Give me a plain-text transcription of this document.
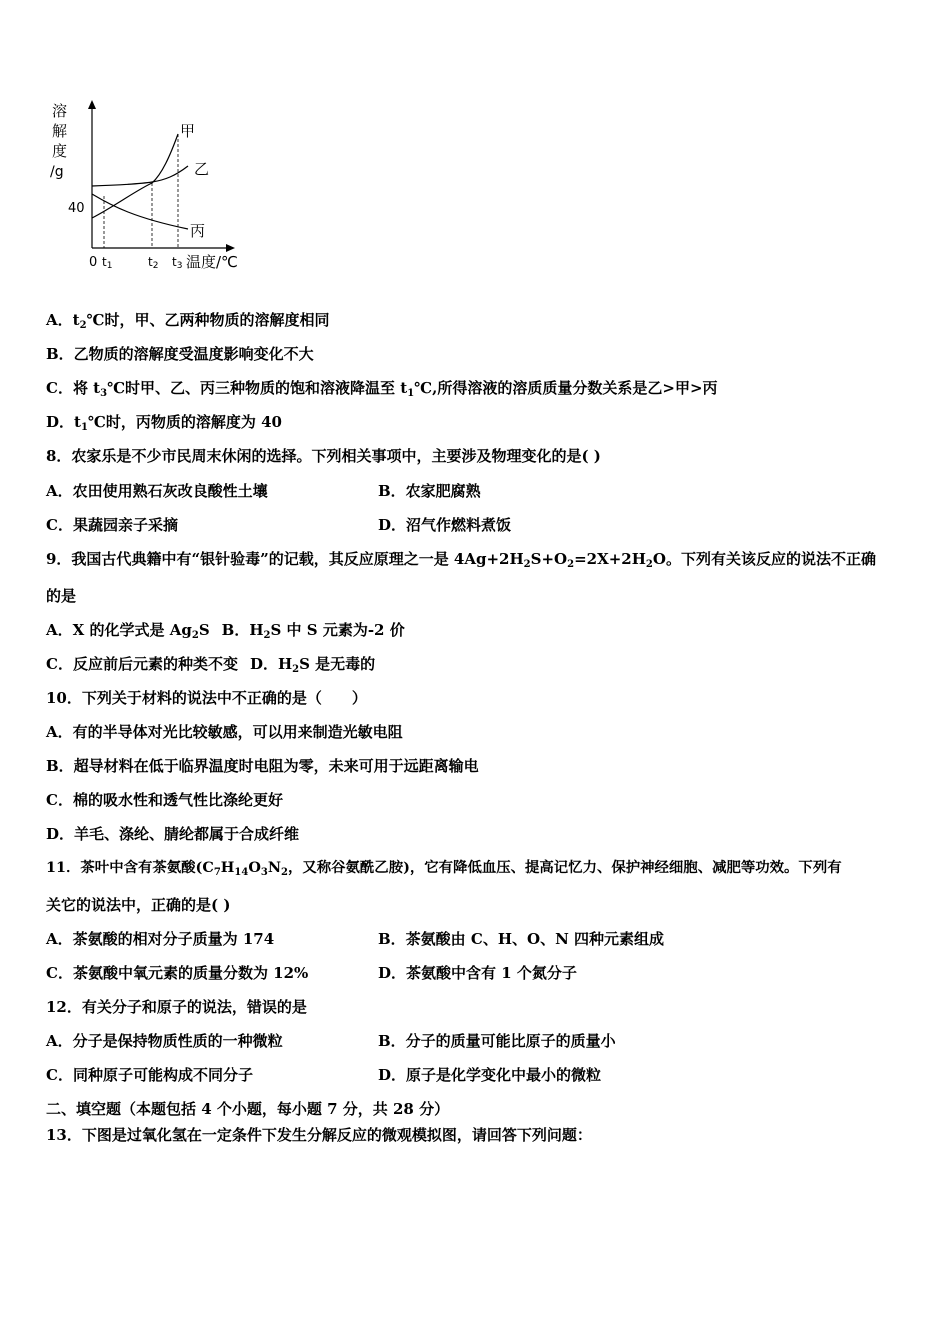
溶
解
度
/g
40
甲
乙
丙
0 t1	t2 t3 温度/℃
A．$t_2℃$时，甲、乙两种物质的溶解度相同
B．乙物质的溶解度受温度影响变化不大
C．将 $t_3℃$时甲、乙、丙三种物质的饱和溶液降温至 $t_1℃$,所得溶液的溶质质量分数关系是乙>甲>丙
D．$t_1℃$时，丙物质的溶解度为 40
8．农家乐是不少市民周末休闲的选择。下列相关事项中，主要涉及物理变化的是( )
A．农田使用熟石灰改良酸性土壤	B．农家肥腐熟
C．果蔬园亲子采摘	D．沼气作燃料煮饭
9．我国古代典籍中有“银针验毒”的记载，其反应原理之一是 $4Ag+2H_2S+O_2=2X+2H_2O$。下列有关该反应的说法不正确
的是
A．X 的化学式是 $Ag_2S$ B．$H_2S$ 中 S 元素为-2 价
C．反应前后元素的种类不变 D．$H_2S$ 是无毒的
10．下列关于材料的说法中不正确的是（　　）
A．有的半导体对光比较敏感，可以用来制造光敏电阻
B．超导材料在低于临界温度时电阻为零，未来可用于远距离输电
C．棉的吸水性和透气性比涤纶更好
D．羊毛、涤纶、腈纶都属于合成纤维
11．茶叶中含有茶氨酸($C_7H_{14}O_3N_2$，又称谷氨酰乙胺)，它有降低血压、提高记忆力、保护神经细胞、减肥等功效。下列有
关它的说法中，正确的是( )
A．茶氨酸的相对分子质量为 174	B．茶氨酸由 C、H、O、N 四种元素组成
C．茶氨酸中氧元素的质量分数为 12%	D．茶氨酸中含有 1 个氮分子
12．有关分子和原子的说法，错误的是
A．分子是保持物质性质的一种微粒	B．分子的质量可能比原子的质量小
C．同种原子可能构成不同分子	D．原子是化学变化中最小的微粒
二、填空题（本题包括 4 个小题，每小题 7 分，共 28 分）
13．下图是过氧化氢在一定条件下发生分解反应的微观模拟图，请回答下列问题：
